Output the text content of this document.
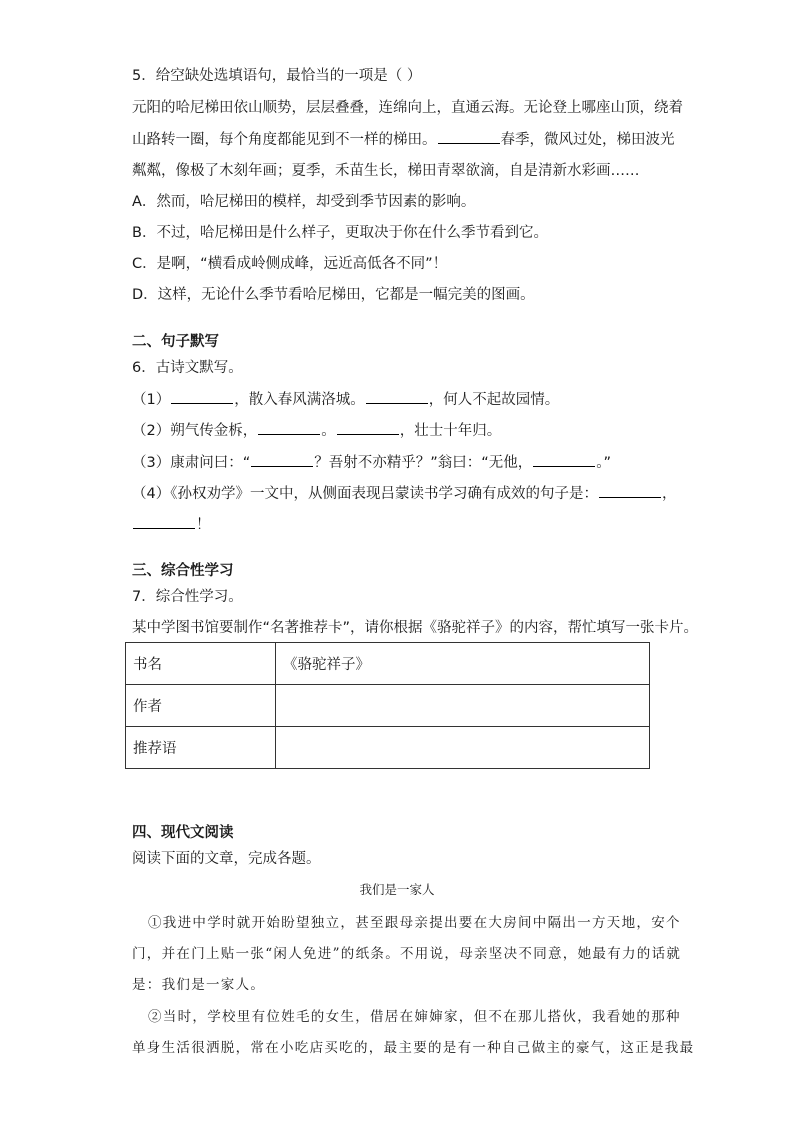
5．给空缺处选填语句，最恰当的一项是（ ）
元阳的哈尼梯田依山顺势，层层叠叠，连绵向上，直通云海。无论登上哪座山顶，绕着
山路转一圈，每个角度都能见到不一样的梯田。	春季，微风过处，梯田波光
粼粼，像极了木刻年画；夏季，禾苗生长，梯田青翠欲滴，自是清新水彩画……
A．然而，哈尼梯田的模样，却受到季节因素的影响。
B．不过，哈尼梯田是什么样子，更取决于你在什么季节看到它。
C．是啊，“横看成岭侧成峰，远近高低各不同”！
D．这样，无论什么季节看哈尼梯田，它都是一幅完美的图画。
二、句子默写
6．古诗文默写。
（1）	，散入春风满洛城。	，何人不起故园情。
（2）朔气传金柝，	。	，壮士十年归。
（3）康肃问曰：“	？吾射不亦精乎？”翁曰：“无他，	。”
（4）《孙权劝学》一文中，从侧面表现吕蒙读书学习确有成效的句子是：	，
！
三、综合性学习
7．综合性学习。
某中学图书馆要制作“名著推荐卡”，请你根据《骆驼祥子》的内容，帮忙填写一张卡片。
书名	《骆驼祥子》
作者	
推荐语	
四、现代文阅读
阅读下面的文章，完成各题。
我们是一家人
①我进中学时就开始盼望独立，甚至跟母亲提出要在大房间中隔出一方天地，安个
门，并在门上贴一张“闲人免进”的纸条。不用说，母亲坚决不同意，她最有力的话就
是：我们是一家人。
②当时，学校里有位姓毛的女生，借居在婶婶家，但不在那儿搭伙，我看她的那种
单身生活很洒脱，常在小吃店买吃的，最主要的是有一种自己做主的豪气，这正是我最
